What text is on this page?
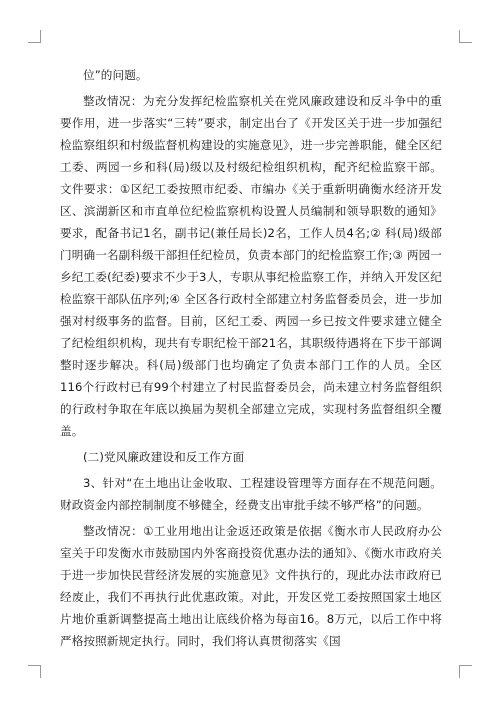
位”的问题。

整改情况：为充分发挥纪检监察机关在党风廉政建设和反斗争中的重要作用，进一步落实“三转”要求，制定出台了《开发区关于进一步加强纪检监察组织和村级监督机构建设的实施意见》，进一步完善职能，健全区纪工委、两园一乡和科(局)级以及村级纪检组织机构，配齐纪检监察干部。文件要求：①区纪工委按照市纪委、市编办《关于重新明确衡水经济开发区、滨湖新区和市直单位纪检监察机构设置人员编制和领导职数的通知》要求，配备书记1名，副书记(兼任局长)2名，工作人员4名;② 科(局)级部门明确一名副科级干部担任纪检员，负责本部门的纪检监察工作;③ 两园一乡纪工委(纪委)要求不少于3人，专职从事纪检监察工作，并纳入开发区纪检监察干部队伍序列;④ 全区各行政村全部建立村务监督委员会，进一步加强对村级事务的监督。目前，区纪工委、两园一乡已按文件要求建立健全了纪检组织机构，现共有专职纪检干部21名，其职级待遇将在下步干部调整时逐步解决。科(局)级部门也均确定了负责本部门工作的人员。全区116个行政村已有99个村建立了村民监督委员会，尚未建立村务监督组织的行政村争取在年底以换届为契机全部建立完成，实现村务监督组织全覆盖。

(二)党风廉政建设和反工作方面

3、针对“在土地出让金收取、工程建设管理等方面存在不规范问题。财政资金内部控制制度不够健全，经费支出审批手续不够严格”的问题。

整改情况：①工业用地出让金返还政策是依据《衡水市人民政府办公室关于印发衡水市鼓励国内外客商投资优惠办法的通知》、《衡水市政府关于进一步加快民营经济发展的实施意见》文件执行的，现此办法市政府已经废止，我们不再执行此优惠政策。对此，开发区党工委按照国家土地区片地价重新调整提高土地出让底线价格为每亩16。8万元，以后工作中将严格按照新规定执行。同时，我们将认真贯彻落实《国
